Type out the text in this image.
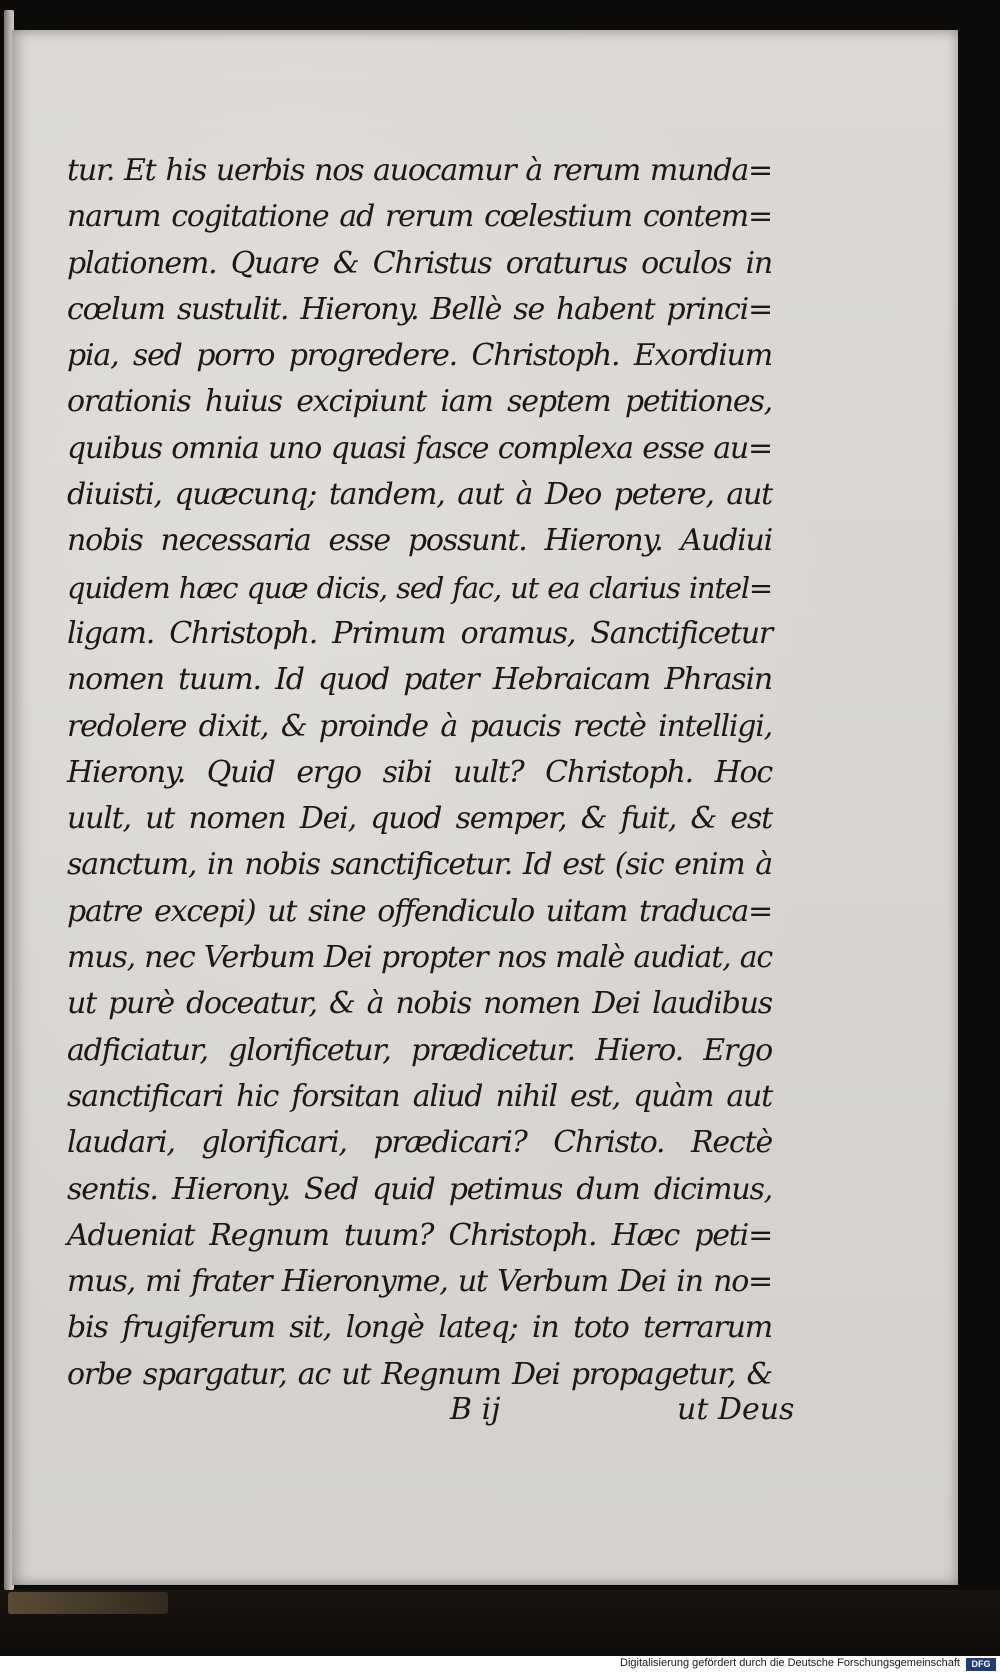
tur. Et his uerbis nos auocamur à rerum munda=
narum cogitatione ad rerum cœlestium contem=
plationem. Quare & Christus oraturus oculos in
cœlum sustulit. Hierony. Bellè se habent princi=
pia, sed porro progredere. Christoph. Exordium
orationis huius excipiunt iam septem petitiones,
quibus omnia uno quasi fasce complexa esse au=
diuisti, quæcunq; tandem, aut à Deo petere, aut
nobis necessaria esse possunt. Hierony. Audiui
quidem hæc quæ dicis, sed fac, ut ea clarius intel=
ligam. Christoph. Primum oramus, Sanctificetur
nomen tuum. Id quod pater Hebraicam Phrasin
redolere dixit, & proinde à paucis rectè intelligi,
Hierony. Quid ergo sibi uult? Christoph. Hoc
uult, ut nomen Dei, quod semper, & fuit, & est
sanctum, in nobis sanctificetur. Id est (sic enim à
patre excepi) ut sine offendiculo uitam traduca=
mus, nec Verbum Dei propter nos malè audiat, ac
ut purè doceatur, & à nobis nomen Dei laudibus
adficiatur, glorificetur, prædicetur. Hiero. Ergo
sanctificari hic forsitan aliud nihil est, quàm aut
laudari, glorificari, prædicari? Christo. Rectè
sentis. Hierony. Sed quid petimus dum dicimus,
Adueniat Regnum tuum? Christoph. Hæc peti=
mus, mi frater Hieronyme, ut Verbum Dei in no=
bis frugiferum sit, longè lateq; in toto terrarum
orbe spargatur, ac ut Regnum Dei propagetur, &
B ij	ut Deus
Digitalisierung gefördert durch die Deutsche Forschungsgemeinschaft	DFG
